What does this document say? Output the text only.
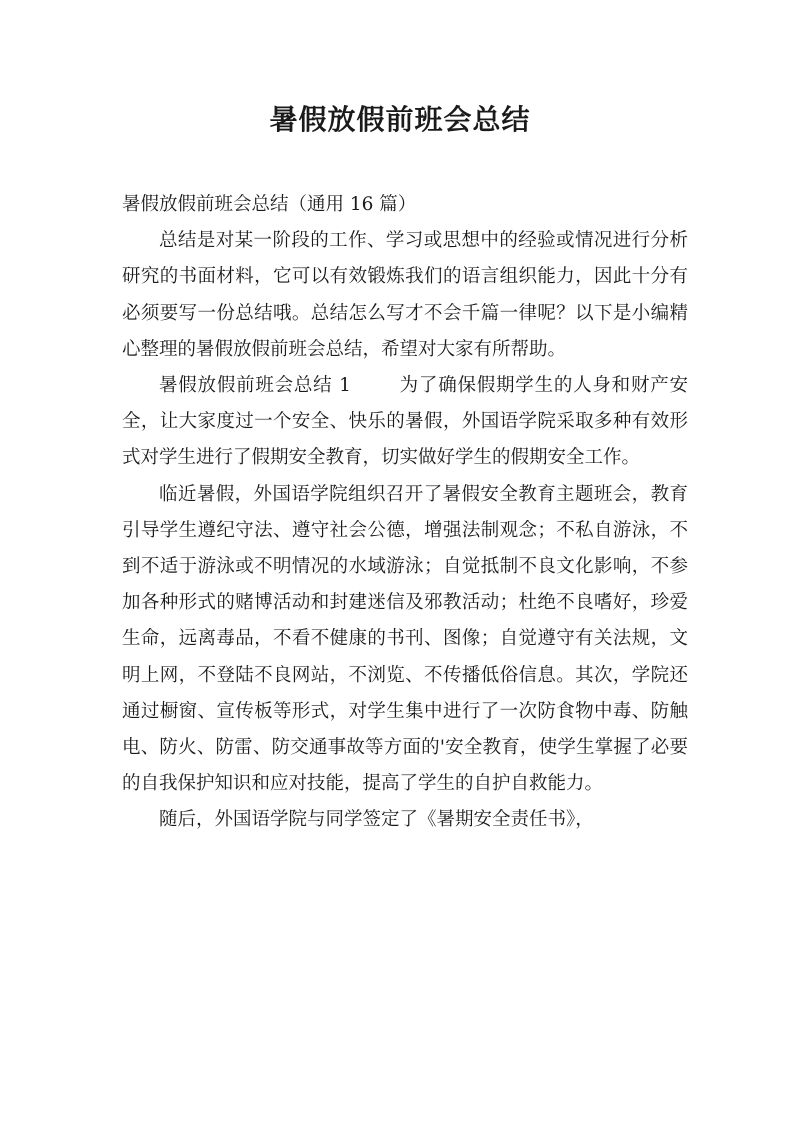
暑假放假前班会总结

暑假放假前班会总结（通用 16 篇）

总结是对某一阶段的工作、学习或思想中的经验或情况进行分析研究的书面材料，它可以有效锻炼我们的语言组织能力，因此十分有必须要写一份总结哦。总结怎么写才不会千篇一律呢？以下是小编精心整理的暑假放假前班会总结，希望对大家有所帮助。

暑假放假前班会总结 1	为了确保假期学生的人身和财产安全，让大家度过一个安全、快乐的暑假，外国语学院采取多种有效形式对学生进行了假期安全教育，切实做好学生的假期安全工作。

临近暑假，外国语学院组织召开了暑假安全教育主题班会，教育引导学生遵纪守法、遵守社会公德，增强法制观念；不私自游泳，不到不适于游泳或不明情况的水域游泳；自觉抵制不良文化影响，不参加各种形式的赌博活动和封建迷信及邪教活动；杜绝不良嗜好，珍爱生命，远离毒品，不看不健康的书刊、图像；自觉遵守有关法规，文明上网，不登陆不良网站，不浏览、不传播低俗信息。其次，学院还通过橱窗、宣传板等形式，对学生集中进行了一次防食物中毒、防触电、防火、防雷、防交通事故等方面的'安全教育，使学生掌握了必要的自我保护知识和应对技能，提高了学生的自护自救能力。

随后，外国语学院与同学签定了《暑期安全责任书》，
